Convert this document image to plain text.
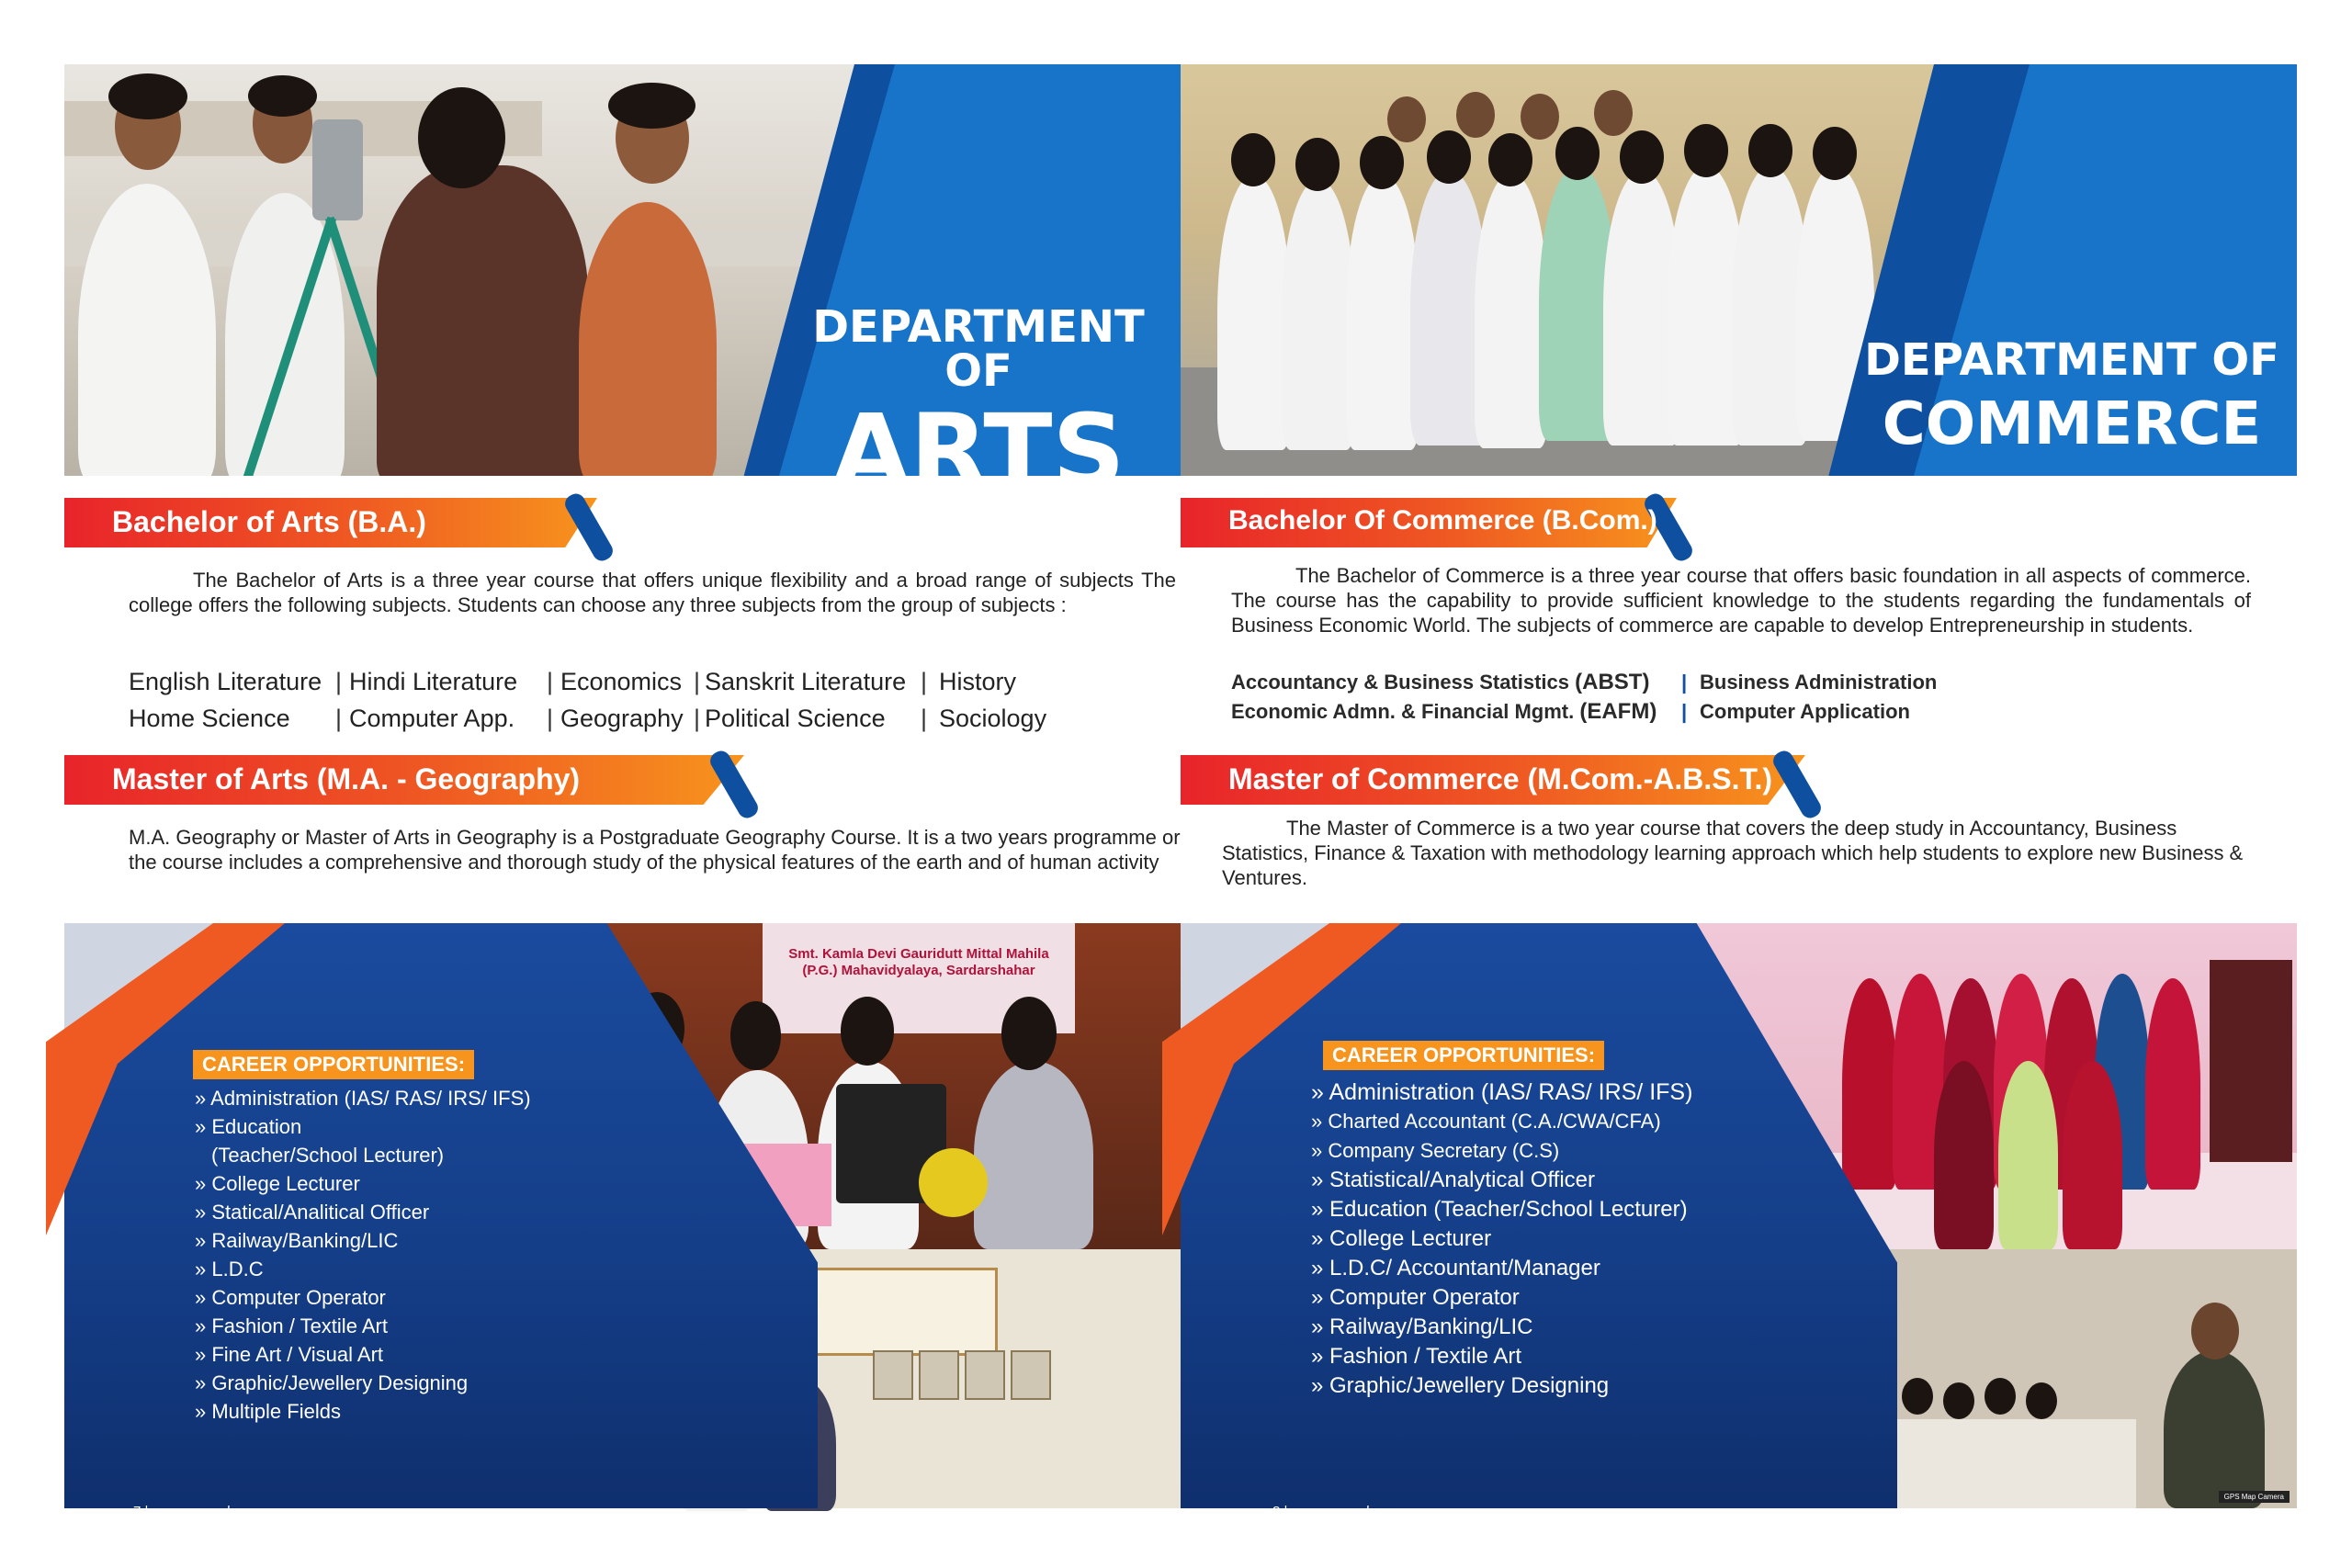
DEPARTMENT OF
ARTS
Bachelor of Arts (B.A.)
The Bachelor of Arts is a three year course that offers unique flexibility and a broad range of subjects The college offers the following subjects. Students can choose any three subjects from the group of subjects :
English Literature | Hindi Literature	| Economics | Sanskrit Literature | History
Home Science	| Computer App.	| Geography | Political Science	| Sociology
Master of Arts (M.A. - Geography)
M.A. Geography or Master of Arts in Geography is a Postgraduate Geography Course. It is a two years programme or the course includes a comprehensive and thorough study of the physical features of the earth and of human activity
Smt. Kamla Devi Gauridutt Mittal Mahila (P.G.) Mahavidyalaya, Sardarshahar
CAREER OPPORTUNITIES:
» Administration (IAS/ RAS/ IRS/ IFS)
» Education
(Teacher/School Lecturer)
» College Lecturer
» Statical/Analitical Officer
» Railway/Banking/LIC
» L.D.C
» Computer Operator
» Fashion / Textile Art
» Fine Art / Visual Art
» Graphic/Jewellery Designing
» Multiple Fields
7 | www.mgcsrdr.com
DEPARTMENT OF
COMMERCE
Bachelor Of Commerce (B.Com.)
The Bachelor of Commerce is a three year course that offers basic foundation in all aspects of commerce. The course has the capability to provide sufficient knowledge to the students regarding the fundamentals of Business Economic World. The subjects of commerce are capable to develop Entrepreneurship in students.
Accountancy & Business Statistics (ABST)	| Business Administration
Economic Admn. & Financial Mgmt. (EAFM)	| Computer Application
Master of Commerce (M.Com.-A.B.S.T.)
The Master of Commerce is a two year course that covers the deep study in Accountancy, Business Statistics, Finance & Taxation with methodology learning approach which help students to explore new Business & Ventures.
GPS Map Camera
CAREER OPPORTUNITIES:
» Administration (IAS/ RAS/ IRS/ IFS)
» Charted Accountant (C.A./CWA/CFA)
» Company Secretary (C.S)
» Statistical/Analytical Officer
» Education (Teacher/School Lecturer)
» College Lecturer
» L.D.C/ Accountant/Manager
» Computer Operator
» Railway/Banking/LIC
» Fashion / Textile Art
» Graphic/Jewellery Designing
8 | www.mgcsrdr.com
